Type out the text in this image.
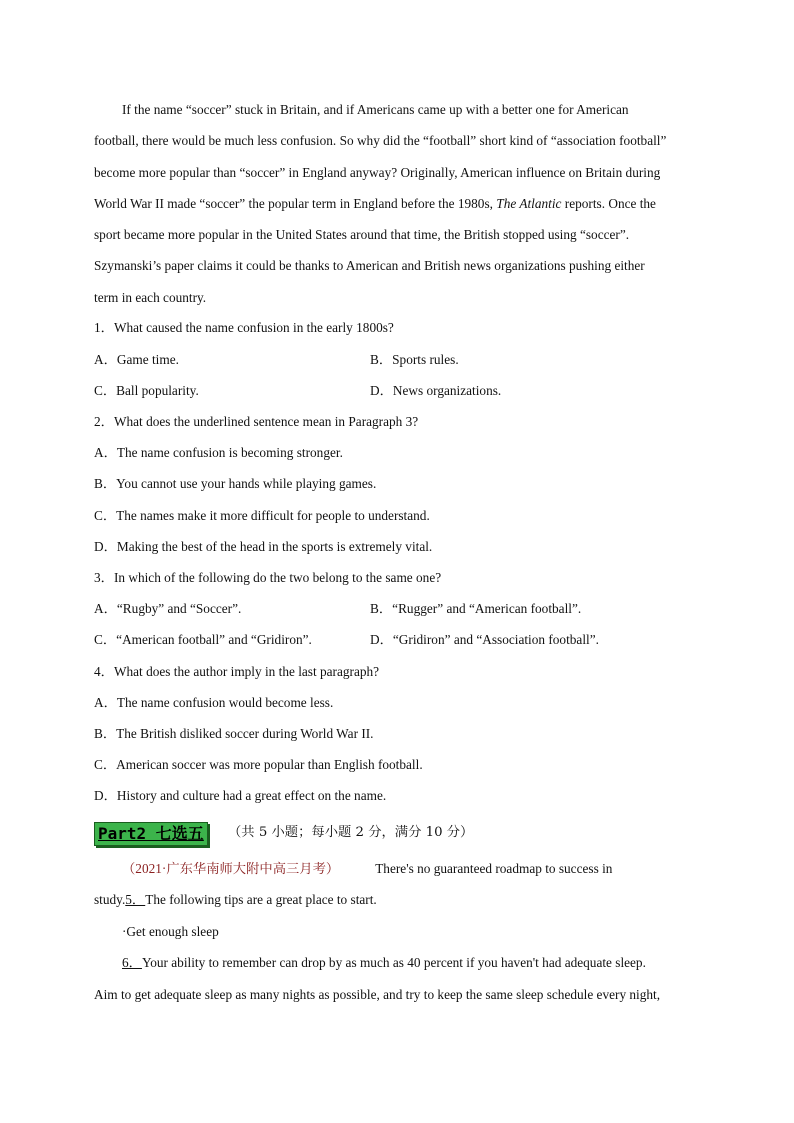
If the name “soccer” stuck in Britain, and if Americans came up with a better one for American
football, there would be much less confusion. So why did the “football” short kind of “association football”
become more popular than “soccer” in England anyway? Originally, American influence on Britain during
World War II made “soccer” the popular term in England before the 1980s, The Atlantic reports. Once the
sport became more popular in the United States around that time, the British stopped using “soccer”.
Szymanski’s paper claims it could be thanks to American and British news organizations pushing either
term in each country.
1．What caused the name confusion in the early 1800s?
A．Game time.	B．Sports rules.
C．Ball popularity.	D．News organizations.
2．What does the underlined sentence mean in Paragraph 3?
A．The name confusion is becoming stronger.
B．You cannot use your hands while playing games.
C．The names make it more difficult for people to understand.
D．Making the best of the head in the sports is extremely vital.
3．In which of the following do the two belong to the same one?
A．“Rugby” and “Soccer”.	B．“Rugger” and “American football”.
C．“American football” and “Gridiron”.	D．“Gridiron” and “Association football”.
4．What does the author imply in the last paragraph?
A．The name confusion would become less.
B．The British disliked soccer during World War II.
C．American soccer was more popular than English football.
D．History and culture had a great effect on the name.
Part2 七选五	（共 5 小题；每小题 2 分，满分 10 分）
（2021·广东华南师大附中高三月考）	There's no guaranteed roadmap to success in
study.5．The following tips are a great place to start.
·Get enough sleep
6．Your ability to remember can drop by as much as 40 percent if you haven't had adequate sleep.
Aim to get adequate sleep as many nights as possible, and try to keep the same sleep schedule every night,
